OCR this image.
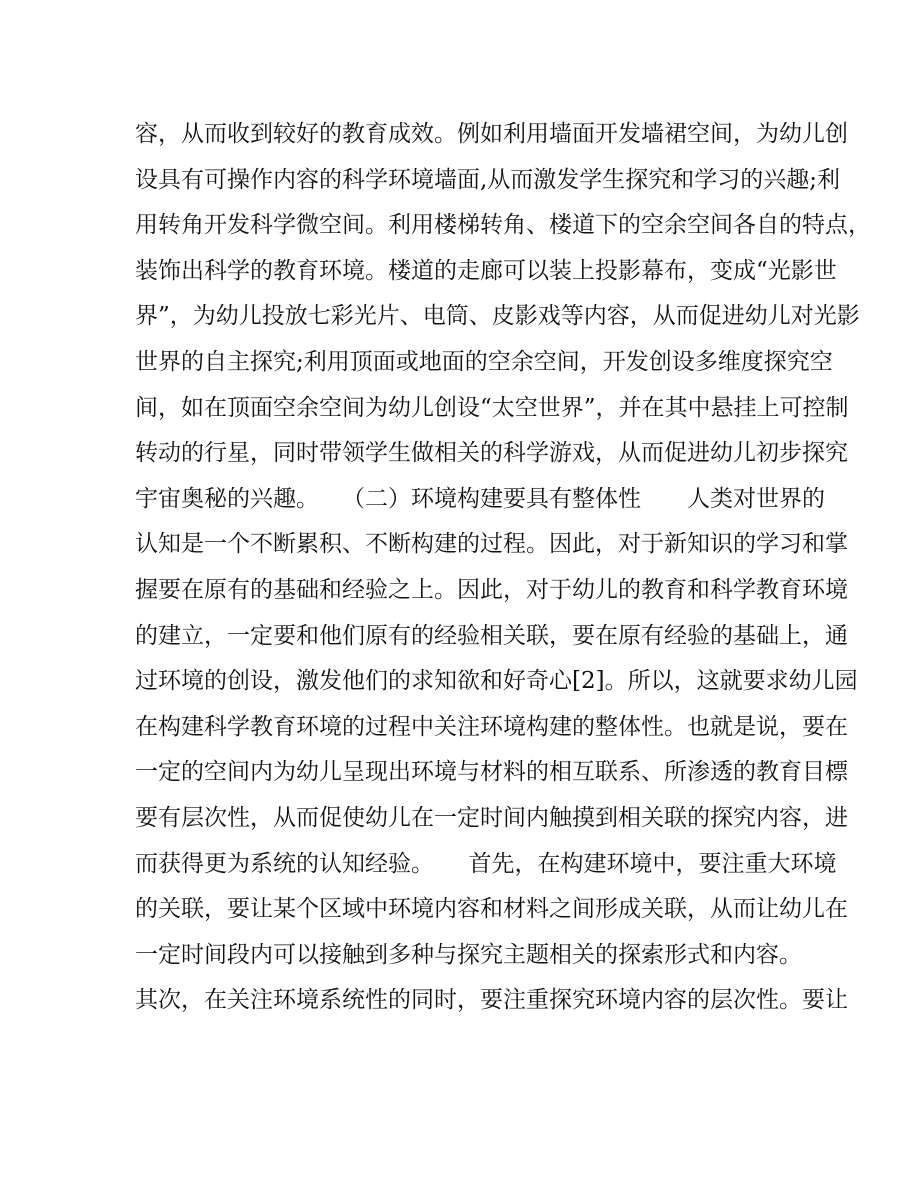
容，从而收到较好的教育成效。例如利用墙面开发墙裙空间，为幼儿创
设具有可操作内容的科学环境墙面,从而激发学生探究和学习的兴趣;利
用转角开发科学微空间。利用楼梯转角、楼道下的空余空间各自的特点，
装饰出科学的教育环境。楼道的走廊可以装上投影幕布，变成“光影世
界”，为幼儿投放七彩光片、电筒、皮影戏等内容，从而促进幼儿对光影
世界的自主探究;利用顶面或地面的空余空间，开发创设多维度探究空
间，如在顶面空余空间为幼儿创设“太空世界”，并在其中悬挂上可控制
转动的行星，同时带领学生做相关的科学游戏，从而促进幼儿初步探究
宇宙奥秘的兴趣。　　（二）环境构建要具有整体性　　人类对世界的
认知是一个不断累积、不断构建的过程。因此，对于新知识的学习和掌
握要在原有的基础和经验之上。因此，对于幼儿的教育和科学教育环境
的建立，一定要和他们原有的经验相关联，要在原有经验的基础上，通
过环境的创设，激发他们的求知欲和好奇心[2]。所以，这就要求幼儿园
在构建科学教育环境的过程中关注环境构建的整体性。也就是说，要在
一定的空间内为幼儿呈现出环境与材料的相互联系、所渗透的教育目標
要有层次性，从而促使幼儿在一定时间内触摸到相关联的探究内容，进
而获得更为系统的认知经验。　　首先，在构建环境中，要注重大环境
的关联，要让某个区域中环境内容和材料之间形成关联，从而让幼儿在
一定时间段内可以接触到多种与探究主题相关的探索形式和内容。
其次，在关注环境系统性的同时，要注重探究环境内容的层次性。要让
